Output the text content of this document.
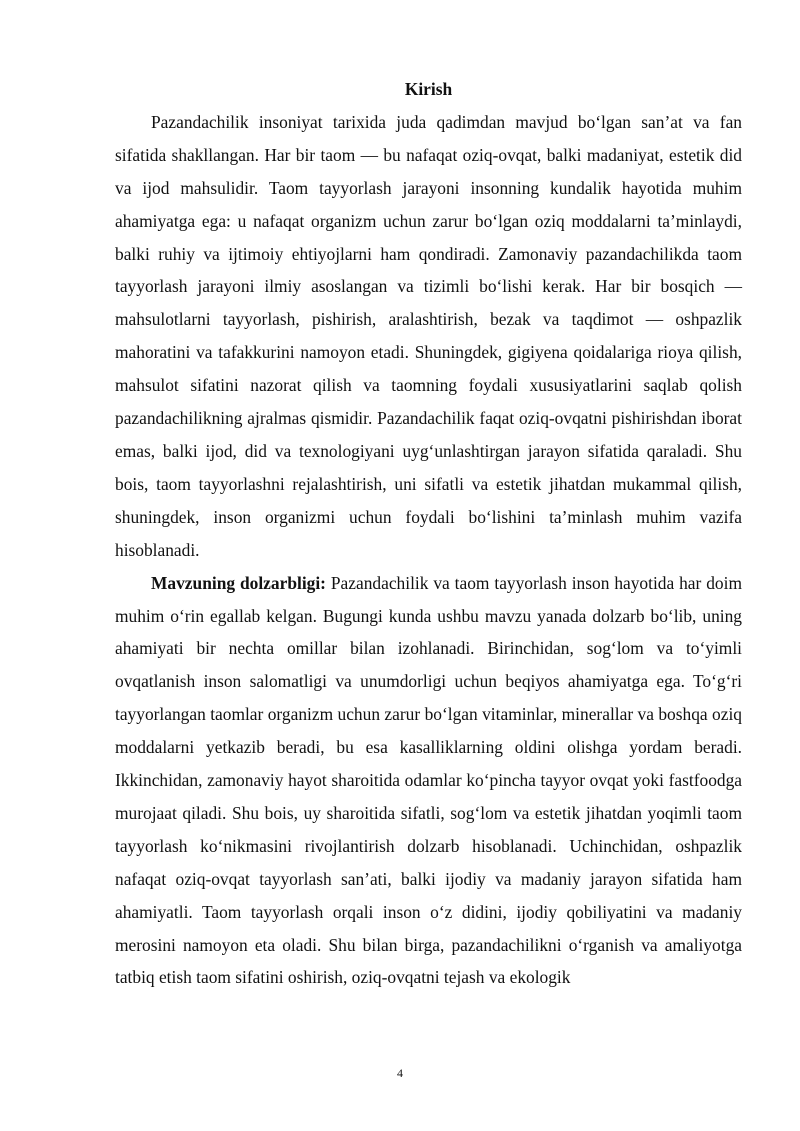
Kirish

Pazandachilik insoniyat tarixida juda qadimdan mavjud bo‘lgan san’at va fan sifatida shakllangan. Har bir taom — bu nafaqat oziq-ovqat, balki madaniyat, estetik did va ijod mahsulidir. Taom tayyorlash jarayoni insonning kundalik hayotida muhim ahamiyatga ega: u nafaqat organizm uchun zarur bo‘lgan oziq moddalarni ta’minlaydi, balki ruhiy va ijtimoiy ehtiyojlarni ham qondiradi. Zamonaviy pazandachilikda taom tayyorlash jarayoni ilmiy asoslangan va tizimli bo‘lishi kerak. Har bir bosqich — mahsulotlarni tayyorlash, pishirish, aralashtirish, bezak va taqdimot — oshpazlik mahoratini va tafakkurini namoyon etadi. Shuningdek, gigiyena qoidalariga rioya qilish, mahsulot sifatini nazorat qilish va taomning foydali xususiyatlarini saqlab qolish pazandachilikning ajralmas qismidir. Pazandachilik faqat oziq-ovqatni pishirishdan iborat emas, balki ijod, did va texnologiyani uyg‘unlashtirgan jarayon sifatida qaraladi. Shu bois, taom tayyorlashni rejalashtirish, uni sifatli va estetik jihatdan mukammal qilish, shuningdek, inson organizmi uchun foydali bo‘lishini ta’minlash muhim vazifa hisoblanadi.

Mavzuning dolzarbligi: Pazandachilik va taom tayyorlash inson hayotida har doim muhim o‘rin egallab kelgan. Bugungi kunda ushbu mavzu yanada dolzarb bo‘lib, uning ahamiyati bir nechta omillar bilan izohlanadi. Birinchidan, sog‘lom va to‘yimli ovqatlanish inson salomatligi va unumdorligi uchun beqiyos ahamiyatga ega. To‘g‘ri tayyorlangan taomlar organizm uchun zarur bo‘lgan vitaminlar, minerallar va boshqa oziq moddalarni yetkazib beradi, bu esa kasalliklarning oldini olishga yordam beradi. Ikkinchidan, zamonaviy hayot sharoitida odamlar ko‘pincha tayyor ovqat yoki fastfoodga murojaat qiladi. Shu bois, uy sharoitida sifatli, sog‘lom va estetik jihatdan yoqimli taom tayyorlash ko‘nikmasini rivojlantirish dolzarb hisoblanadi. Uchinchidan, oshpazlik nafaqat oziq-ovqat tayyorlash san’ati, balki ijodiy va madaniy jarayon sifatida ham ahamiyatli. Taom tayyorlash orqali inson o‘z didini, ijodiy qobiliyatini va madaniy merosini namoyon eta oladi. Shu bilan birga, pazandachilikni o‘rganish va amaliyotga tatbiq etish taom sifatini oshirish, oziq-ovqatni tejash va ekologik

4
